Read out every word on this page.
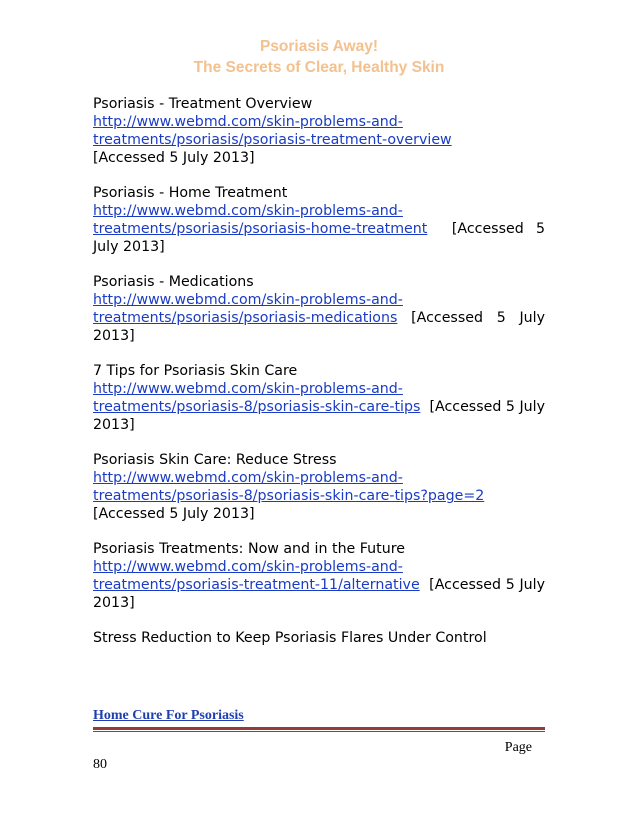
Psoriasis Away!
The Secrets of Clear, Healthy Skin
Psoriasis - Treatment Overview
http://www.webmd.com/skin-problems-and-
treatments/psoriasis/psoriasis-treatment-overview
[Accessed 5 July 2013]
Psoriasis - Home Treatment
http://www.webmd.com/skin-problems-and-
treatments/psoriasis/psoriasis-home-treatment [Accessed 5 July 2013]
Psoriasis - Medications
http://www.webmd.com/skin-problems-and-
treatments/psoriasis/psoriasis-medications [Accessed 5 July 2013]
7 Tips for Psoriasis Skin Care
http://www.webmd.com/skin-problems-and-
treatments/psoriasis-8/psoriasis-skin-care-tips [Accessed 5 July 2013]
Psoriasis Skin Care: Reduce Stress
http://www.webmd.com/skin-problems-and-
treatments/psoriasis-8/psoriasis-skin-care-tips?page=2
[Accessed 5 July 2013]
Psoriasis Treatments: Now and in the Future
http://www.webmd.com/skin-problems-and-
treatments/psoriasis-treatment-11/alternative [Accessed 5 July 2013]
Stress Reduction to Keep Psoriasis Flares Under Control
Home Cure For Psoriasis
Page
80
